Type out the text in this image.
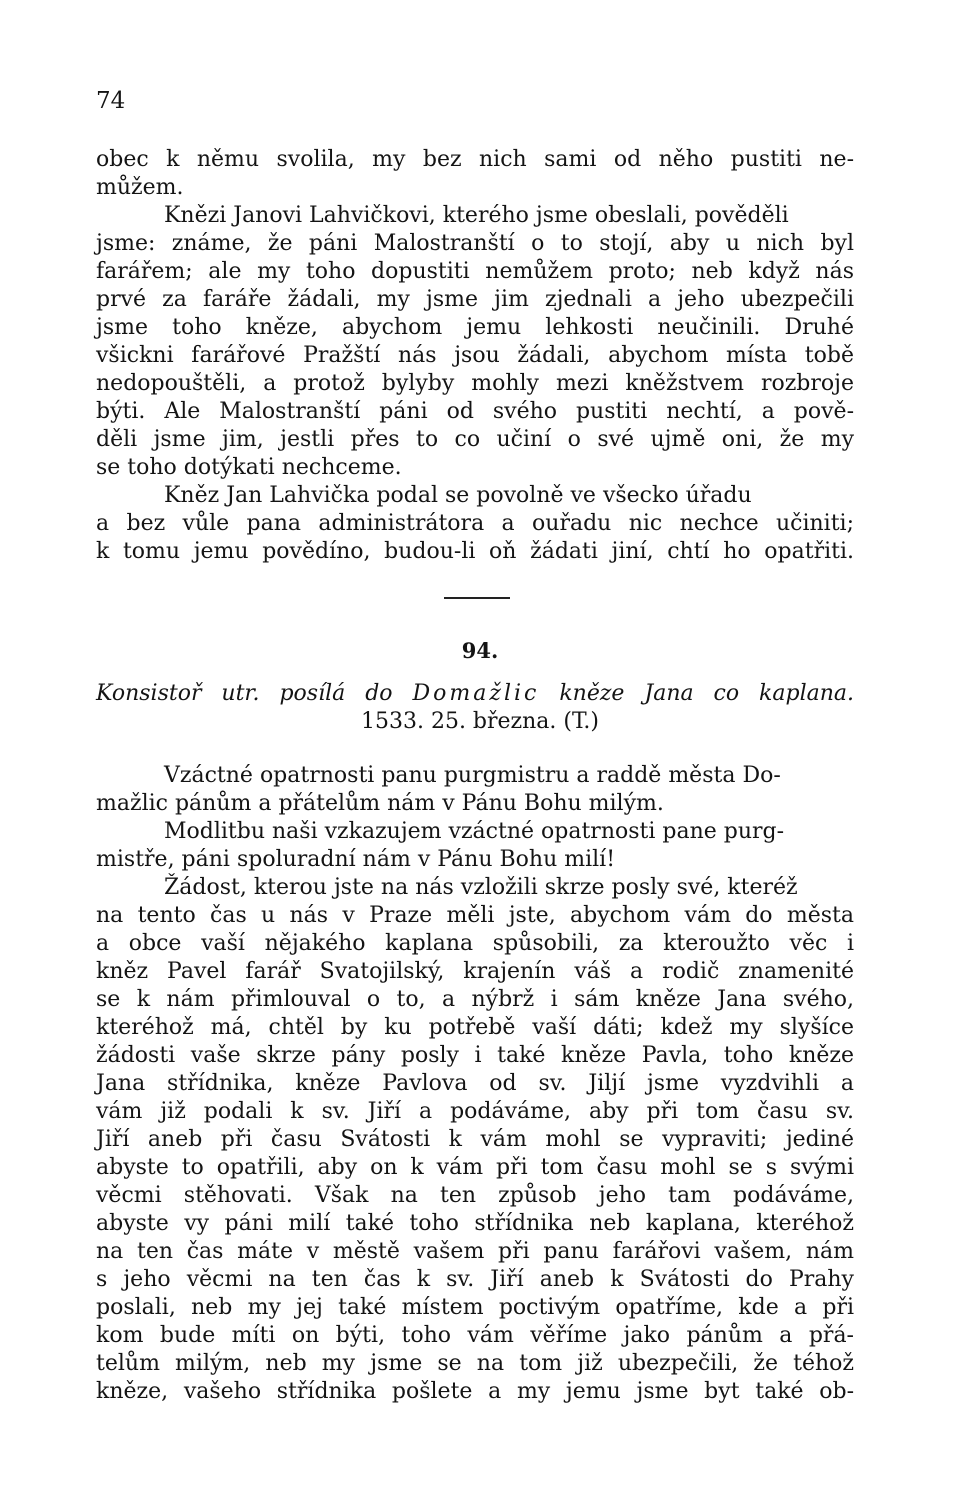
74
obec k němu svolila, my bez nich sami od něho pustiti ne-
můžem.
Knězi Janovi Lahvičkovi, kterého jsme obeslali, pověděli
jsme: známe, že páni Malostranští o to stojí, aby u nich byl
farářem; ale my toho dopustiti nemůžem proto; neb když nás
prvé za faráře žádali, my jsme jim zjednali a jeho ubezpečili
jsme toho kněze, abychom jemu lehkosti neučinili. Druhé
všickni farářové Pražští nás jsou žádali, abychom místa tobě
nedopouštěli, a protož bylyby mohly mezi kněžstvem rozbroje
býti. Ale Malostranští páni od svého pustiti nechtí, a pově-
děli jsme jim, jestli přes to co učiní o své ujmě oni, že my
se toho dotýkati nechceme.
Kněz Jan Lahvička podal se povolně ve všecko úřadu
a bez vůle pana administrátora a ouřadu nic nechce učiniti;
k tomu jemu povědíno, budou-li oň žádati jiní, chtí ho opatřiti.
94.
Konsistoř utr. posílá do Domažlic kněze Jana co kaplana.
1533. 25. března. (T.)
Vzáctné opatrnosti panu purgmistru a raddě města Do-
mažlic pánům a přátelům nám v Pánu Bohu milým.
Modlitbu naši vzkazujem vzáctné opatrnosti pane purg-
mistře, páni spoluradní nám v Pánu Bohu milí!
Žádost, kterou jste na nás vzložili skrze posly své, kteréž
na tento čas u nás v Praze měli jste, abychom vám do města
a obce vaší nějakého kaplana spůsobili, za kteroužto věc i
kněz Pavel farář Svatojilský, krajenín váš a rodič znamenité
se k nám přimlouval o to, a nýbrž i sám kněze Jana svého,
kteréhož má, chtěl by ku potřebě vaší dáti; kdež my slyšíce
žádosti vaše skrze pány posly i také kněze Pavla, toho kněze
Jana střídnika, kněze Pavlova od sv. Jiljí jsme vyzdvihli a
vám již podali k sv. Jiří a podáváme, aby při tom času sv.
Jiří aneb při času Svátosti k vám mohl se vypraviti; jediné
abyste to opatřili, aby on k vám při tom času mohl se s svými
věcmi stěhovati. Však na ten způsob jeho tam podáváme,
abyste vy páni milí také toho střídnika neb kaplana, kteréhož
na ten čas máte v městě vašem při panu farářovi vašem, nám
s jeho věcmi na ten čas k sv. Jiří aneb k Svátosti do Prahy
poslali, neb my jej také místem poctivým opatříme, kde a při
kom bude míti on býti, toho vám věříme jako pánům a přá-
telům milým, neb my jsme se na tom již ubezpečili, že téhož
kněze, vašeho střídnika pošlete a my jemu jsme byt také ob-
